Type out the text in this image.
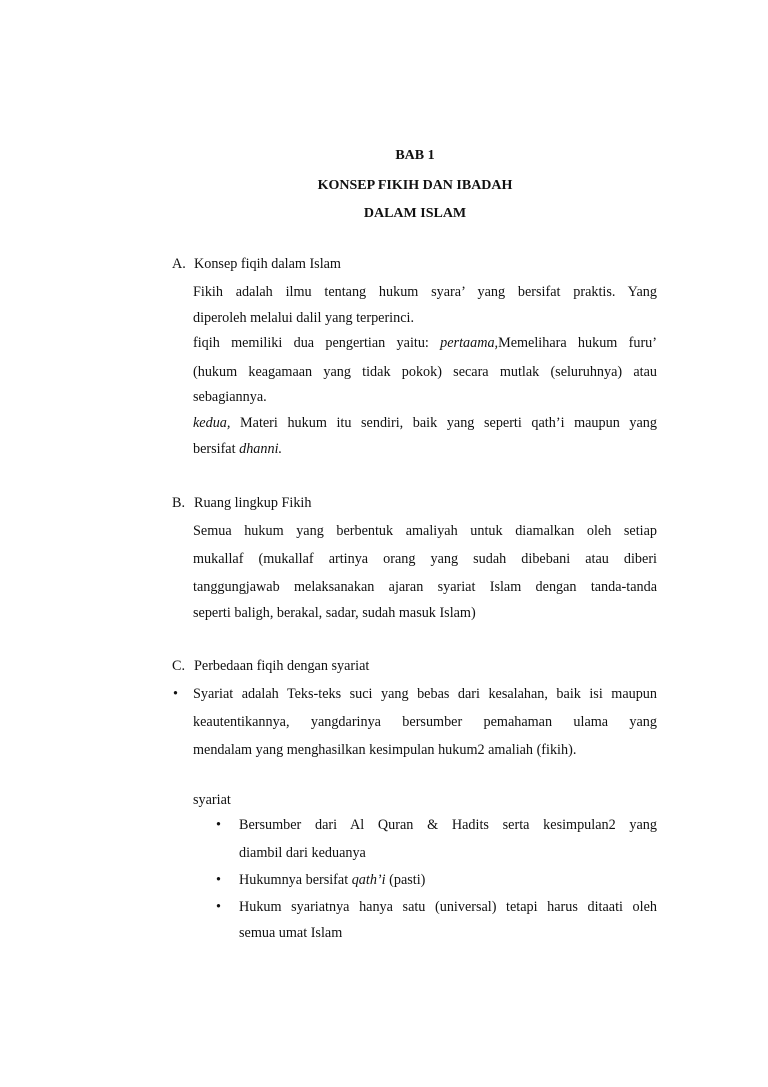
BAB 1
KONSEP FIKIH DAN IBADAH
DALAM ISLAM
A. Konsep fiqih dalam Islam
Fikih adalah ilmu tentang hukum syara’ yang bersifat praktis. Yang
diperoleh melalui dalil yang terperinci.
fiqih memiliki dua pengertian yaitu: pertaama,Memelihara hukum furu’
(hukum keagamaan yang tidak pokok) secara mutlak (seluruhnya) atau
sebagiannya.
kedua, Materi hukum itu sendiri, baik yang seperti qath’i maupun yang
bersifat dhanni.
B. Ruang lingkup Fikih
Semua hukum yang berbentuk amaliyah untuk diamalkan oleh setiap
mukallaf (mukallaf artinya orang yang sudah dibebani atau diberi
tanggungjawab melaksanakan ajaran syariat Islam dengan tanda-tanda
seperti baligh, berakal, sadar, sudah masuk Islam)
C. Perbedaan fiqih dengan syariat
• Syariat adalah Teks-teks suci yang bebas dari kesalahan, baik isi maupun
keautentikannya, yangdarinya bersumber pemahaman ulama yang
mendalam yang menghasilkan kesimpulan hukum2 amaliah (fikih).
syariat
• Bersumber dari Al Quran & Hadits serta kesimpulan2 yang
diambil dari keduanya
• Hukumnya bersifat qath’i (pasti)
• Hukum syariatnya hanya satu (universal) tetapi harus ditaati oleh
semua umat Islam
